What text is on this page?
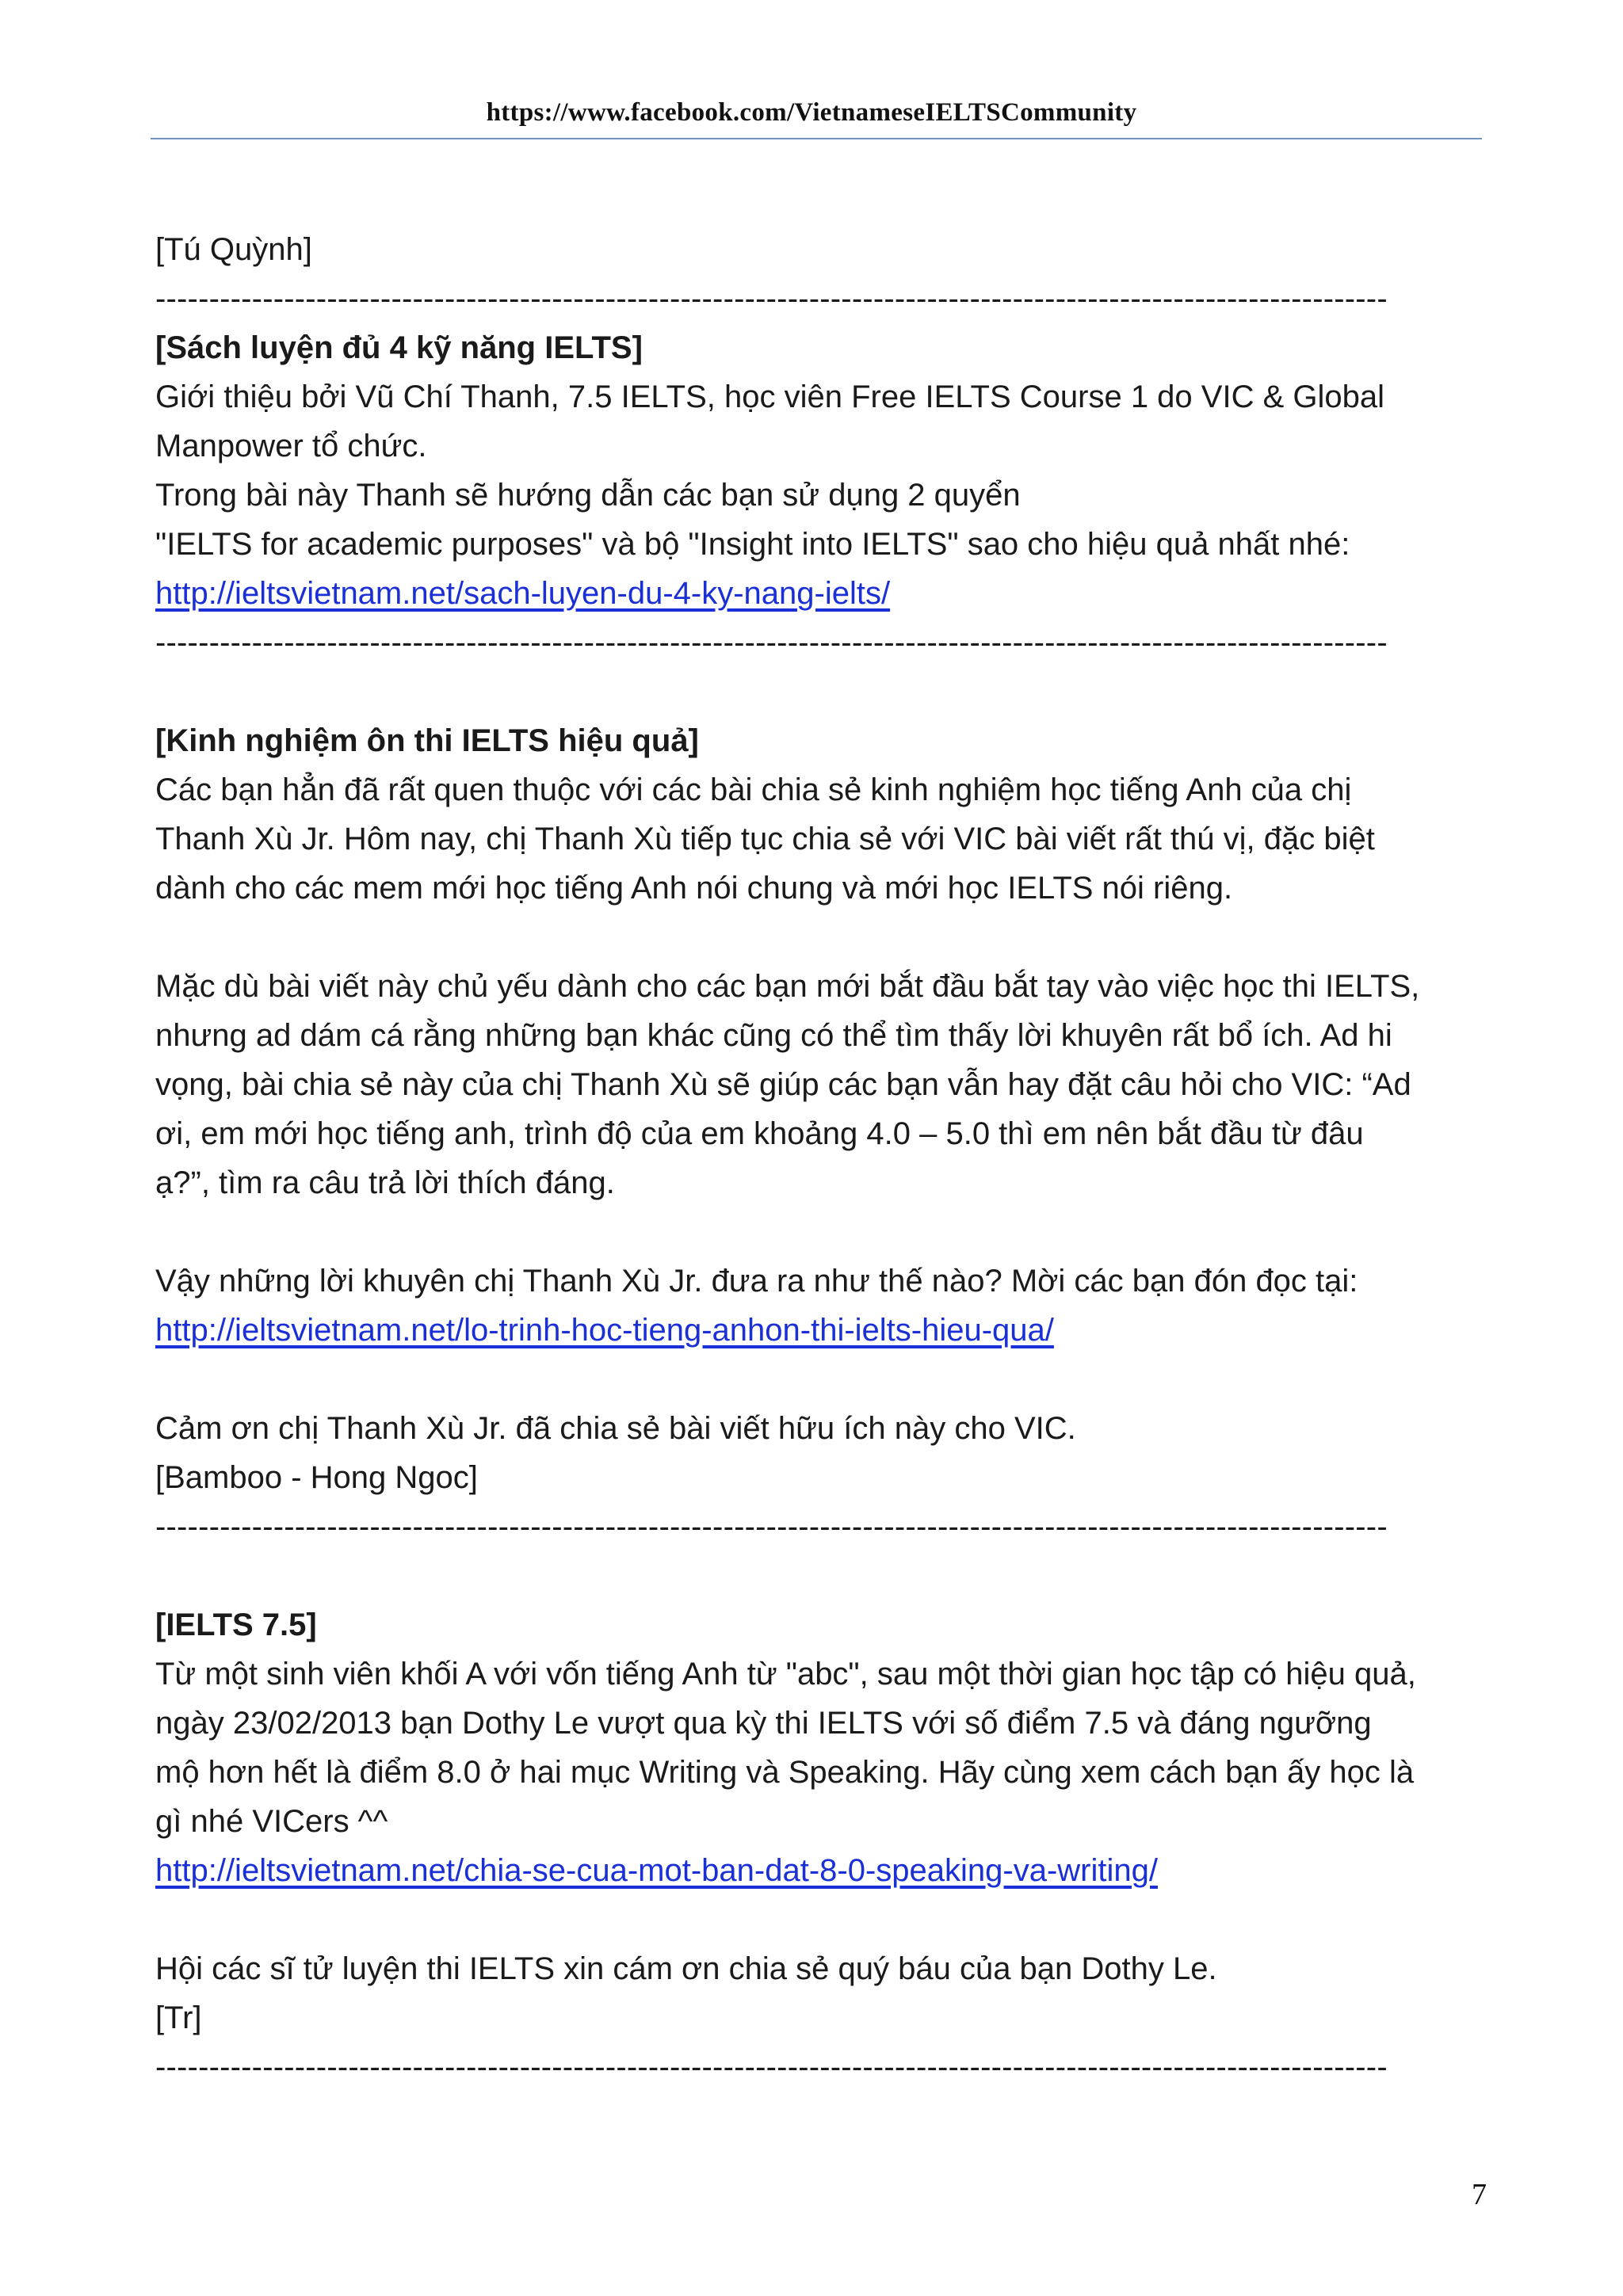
https://www.facebook.com/VietnameseIELTSCommunity

[Tú Quỳnh]

-------------------------------------------------------------------------------------------------------------------

[Sách luyện đủ 4 kỹ năng IELTS]

Giới thiệu bởi Vũ Chí Thanh, 7.5 IELTS, học viên Free IELTS Course 1 do VIC & Global

Manpower tổ chức.

Trong bài này Thanh sẽ hướng dẫn các bạn sử dụng 2 quyển

"IELTS for academic purposes" và bộ "Insight into IELTS" sao cho hiệu quả nhất nhé:

http://ieltsvietnam.net/sach-luyen-du-4-ky-nang-ielts/

-------------------------------------------------------------------------------------------------------------------

[Kinh nghiệm ôn thi IELTS hiệu quả]

Các bạn hẳn đã rất quen thuộc với các bài chia sẻ kinh nghiệm học tiếng Anh của chị

Thanh Xù Jr. Hôm nay, chị Thanh Xù tiếp tục chia sẻ với VIC bài viết rất thú vị, đặc biệt

dành cho các mem mới học tiếng Anh nói chung và mới học IELTS nói riêng.

Mặc dù bài viết này chủ yếu dành cho các bạn mới bắt đầu bắt tay vào việc học thi IELTS,

nhưng ad dám cá rằng những bạn khác cũng có thể tìm thấy lời khuyên rất bổ ích. Ad hi

vọng, bài chia sẻ này của chị Thanh Xù sẽ giúp các bạn vẫn hay đặt câu hỏi cho VIC: “Ad

ơi, em mới học tiếng anh, trình độ của em khoảng 4.0 – 5.0 thì em nên bắt đầu từ đâu

ạ?”, tìm ra câu trả lời thích đáng.

Vậy những lời khuyên chị Thanh Xù Jr. đưa ra như thế nào? Mời các bạn đón đọc tại:

http://ieltsvietnam.net/lo-trinh-hoc-tieng-anhon-thi-ielts-hieu-qua/

Cảm ơn chị Thanh Xù Jr. đã chia sẻ bài viết hữu ích này cho VIC.

[Bamboo - Hong Ngoc]

-------------------------------------------------------------------------------------------------------------------

[IELTS 7.5]

Từ một sinh viên khối A với vốn tiếng Anh từ "abc", sau một thời gian học tập có hiệu quả,

ngày 23/02/2013 bạn Dothy Le vượt qua kỳ thi IELTS với số điểm 7.5 và đáng ngưỡng

mộ hơn hết là điểm 8.0 ở hai mục Writing và Speaking. Hãy cùng xem cách bạn ấy học là

gì nhé VICers ^^

http://ieltsvietnam.net/chia-se-cua-mot-ban-dat-8-0-speaking-va-writing/

Hội các sĩ tử luyện thi IELTS xin cám ơn chia sẻ quý báu của bạn Dothy Le.

[Tr]

-------------------------------------------------------------------------------------------------------------------

7
